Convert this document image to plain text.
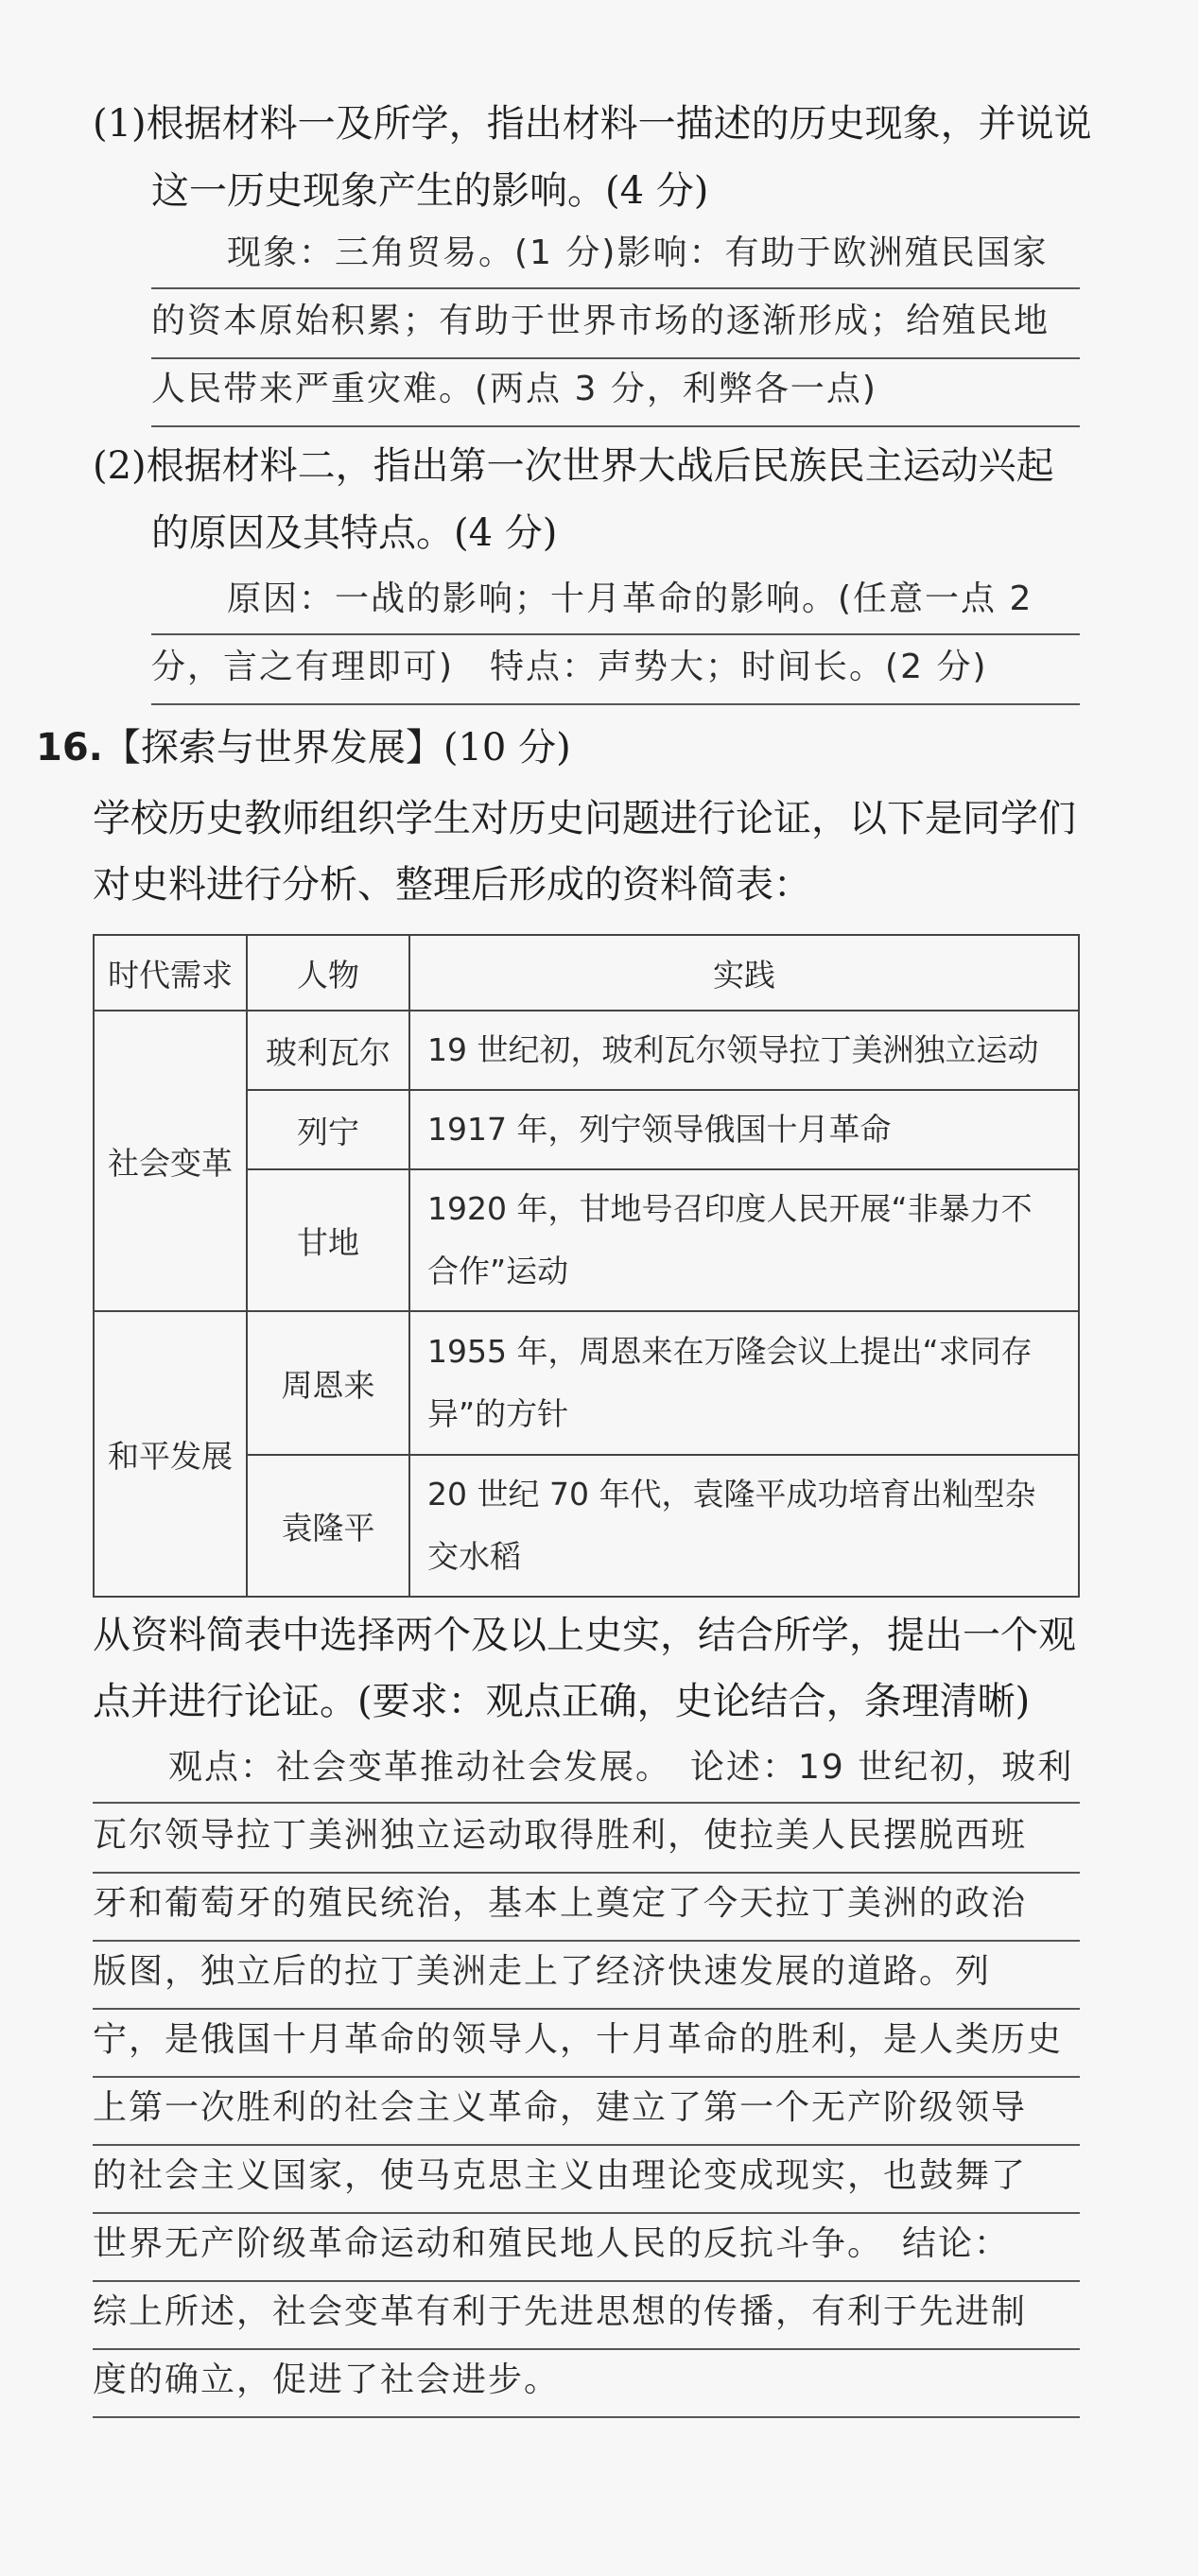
(1)根据材料一及所学，指出材料一描述的历史现象，并说说
这一历史现象产生的影响。(4 分)
现象：三角贸易。(1 分)影响：有助于欧洲殖民国家
的资本原始积累；有助于世界市场的逐渐形成；给殖民地
人民带来严重灾难。(两点 3 分，利弊各一点)
(2)根据材料二，指出第一次世界大战后民族民主运动兴起
的原因及其特点。(4 分)
原因：一战的影响；十月革命的影响。(任意一点 2
分，言之有理即可)　特点：声势大；时间长。(2 分)
16.【探索与世界发展】(10 分)
学校历史教师组织学生对历史问题进行论证，以下是同学们
对史料进行分析、整理后形成的资料简表：
时代需求	人物	实践
社会变革	玻利瓦尔	19 世纪初，玻利瓦尔领导拉丁美洲独立运动
	列宁	1917 年，列宁领导俄国十月革命
	甘地	1920 年，甘地号召印度人民开展“非暴力不合作”运动
和平发展	周恩来	1955 年，周恩来在万隆会议上提出“求同存异”的方针
	袁隆平	20 世纪 70 年代，袁隆平成功培育出籼型杂交水稻
从资料简表中选择两个及以上史实，结合所学，提出一个观
点并进行论证。(要求：观点正确，史论结合，条理清晰)
观点：社会变革推动社会发展。　论述：19 世纪初，玻利
瓦尔领导拉丁美洲独立运动取得胜利，使拉美人民摆脱西班
牙和葡萄牙的殖民统治，基本上奠定了今天拉丁美洲的政治
版图，独立后的拉丁美洲走上了经济快速发展的道路。列
宁，是俄国十月革命的领导人，十月革命的胜利，是人类历史
上第一次胜利的社会主义革命，建立了第一个无产阶级领导
的社会主义国家，使马克思主义由理论变成现实，也鼓舞了
世界无产阶级革命运动和殖民地人民的反抗斗争。　结论：
综上所述，社会变革有利于先进思想的传播，有利于先进制
度的确立，促进了社会进步。
